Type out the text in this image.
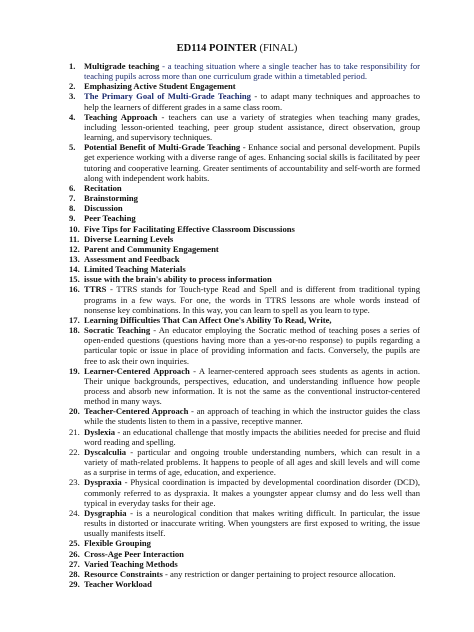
ED114 POINTER (FINAL)
1. Multigrade teaching - a teaching situation where a single teacher has to take responsibility for teaching pupils across more than one curriculum grade within a timetabled period.
2. Emphasizing Active Student Engagement
3. The Primary Goal of Multi-Grade Teaching - to adapt many techniques and approaches to help the learners of different grades in a same class room.
4. Teaching Approach - teachers can use a variety of strategies when teaching many grades, including lesson-oriented teaching, peer group student assistance, direct observation, group learning, and supervisory techniques.
5. Potential Benefit of Multi-Grade Teaching - Enhance social and personal development. Pupils get experience working with a diverse range of ages. Enhancing social skills is facilitated by peer tutoring and cooperative learning. Greater sentiments of accountability and self-worth are formed along with independent work habits.
6. Recitation
7. Brainstorming
8. Discussion
9. Peer Teaching
10. Five Tips for Facilitating Effective Classroom Discussions
11. Diverse Learning Levels
12. Parent and Community Engagement
13. Assessment and Feedback
14. Limited Teaching Materials
15. issue with the brain's ability to process information
16. TTRS - TTRS stands for Touch-type Read and Spell and is different from traditional typing programs in a few ways. For one, the words in TTRS lessons are whole words instead of nonsense key combinations. In this way, you can learn to spell as you learn to type.
17. Learning Difficulties That Can Affect One's Ability To Read, Write,
18. Socratic Teaching - An educator employing the Socratic method of teaching poses a series of open-ended questions (questions having more than a yes-or-no response) to pupils regarding a particular topic or issue in place of providing information and facts. Conversely, the pupils are free to ask their own inquiries.
19. Learner-Centered Approach - A learner-centered approach sees students as agents in action. Their unique backgrounds, perspectives, education, and understanding influence how people process and absorb new information. It is not the same as the conventional instructor-centered method in many ways.
20. Teacher-Centered Approach - an approach of teaching in which the instructor guides the class while the students listen to them in a passive, receptive manner.
21. Dyslexia - an educational challenge that mostly impacts the abilities needed for precise and fluid word reading and spelling.
22. Dyscalculia - particular and ongoing trouble understanding numbers, which can result in a variety of math-related problems. It happens to people of all ages and skill levels and will come as a surprise in terms of age, education, and experience.
23. Dyspraxia - Physical coordination is impacted by developmental coordination disorder (DCD), commonly referred to as dyspraxia. It makes a youngster appear clumsy and do less well than typical in everyday tasks for their age.
24. Dysgraphia - is a neurological condition that makes writing difficult. In particular, the issue results in distorted or inaccurate writing. When youngsters are first exposed to writing, the issue usually manifests itself.
25. Flexible Grouping
26. Cross-Age Peer Interaction
27. Varied Teaching Methods
28. Resource Constraints - any restriction or danger pertaining to project resource allocation.
29. Teacher Workload
